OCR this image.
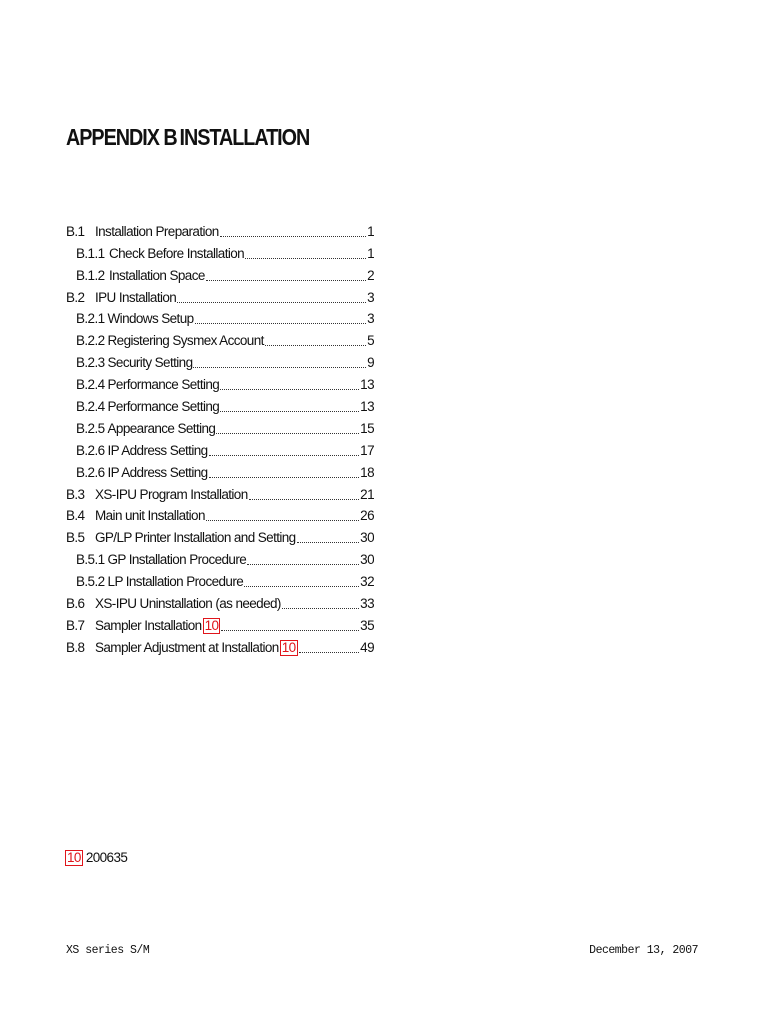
APPENDIX B INSTALLATION
B.1 Installation Preparation	1
B.1.1 Check Before Installation	1
B.1.2 Installation Space	2
B.2 IPU Installation	3
B.2.1 Windows Setup	3
B.2.2 Registering Sysmex Account	5
B.2.3 Security Setting	9
B.2.4 Performance Setting	13
B.2.4 Performance Setting	13
B.2.5 Appearance Setting	15
B.2.6 IP Address Setting	17
B.2.6 IP Address Setting	18
B.3 XS-IPU Program Installation	21
B.4 Main unit Installation	26
B.5 GP/LP Printer Installation and Setting	30
B.5.1 GP Installation Procedure	30
B.5.2 LP Installation Procedure	32
B.6 XS-IPU Uninstallation (as needed)	33
B.7 Sampler Installation 10	35
B.8 Sampler Adjustment at Installation 10	49
10 200635
XS series S/M	December 13, 2007
